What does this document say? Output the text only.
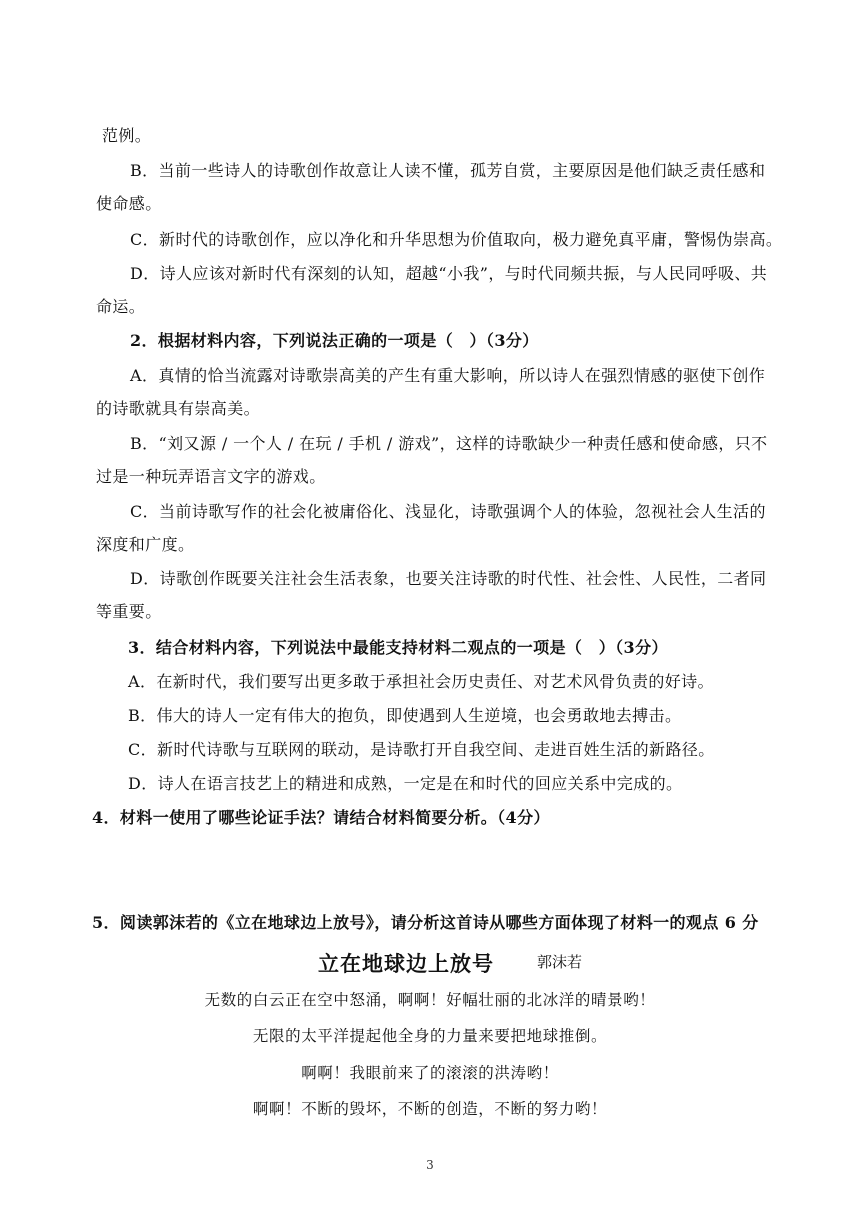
范例。
B．当前一些诗人的诗歌创作故意让人读不懂，孤芳自赏，主要原因是他们缺乏责任感和
使命感。
C．新时代的诗歌创作，应以净化和升华思想为价值取向，极力避免真平庸，警惕伪崇高。
D．诗人应该对新时代有深刻的认知，超越“小我”，与时代同频共振，与人民同呼吸、共
命运。
2．根据材料内容，下列说法正确的一项是（　）（3分）
A．真情的恰当流露对诗歌崇高美的产生有重大影响，所以诗人在强烈情感的驱使下创作
的诗歌就具有崇高美。
B．“刘又源 / 一个人 / 在玩 / 手机 / 游戏”，这样的诗歌缺少一种责任感和使命感，只不
过是一种玩弄语言文字的游戏。
C．当前诗歌写作的社会化被庸俗化、浅显化，诗歌强调个人的体验，忽视社会人生活的
深度和广度。
D．诗歌创作既要关注社会生活表象，也要关注诗歌的时代性、社会性、人民性，二者同
等重要。
3．结合材料内容，下列说法中最能支持材料二观点的一项是（　）（3分）
A．在新时代，我们要写出更多敢于承担社会历史责任、对艺术风骨负责的好诗。
B．伟大的诗人一定有伟大的抱负，即使遇到人生逆境，也会勇敢地去搏击。
C．新时代诗歌与互联网的联动，是诗歌打开自我空间、走进百姓生活的新路径。
D．诗人在语言技艺上的精进和成熟，一定是在和时代的回应关系中完成的。
4．材料一使用了哪些论证手法？请结合材料简要分析。（4分）
5．阅读郭沫若的《立在地球边上放号》，请分析这首诗从哪些方面体现了材料一的观点 6 分
立在地球边上放号	郭沫若
无数的白云正在空中怒涌，啊啊！好幅壮丽的北冰洋的晴景哟！
无限的太平洋提起他全身的力量来要把地球推倒。
啊啊！我眼前来了的滚滚的洪涛哟！
啊啊！不断的毁坏，不断的创造，不断的努力哟！
3
